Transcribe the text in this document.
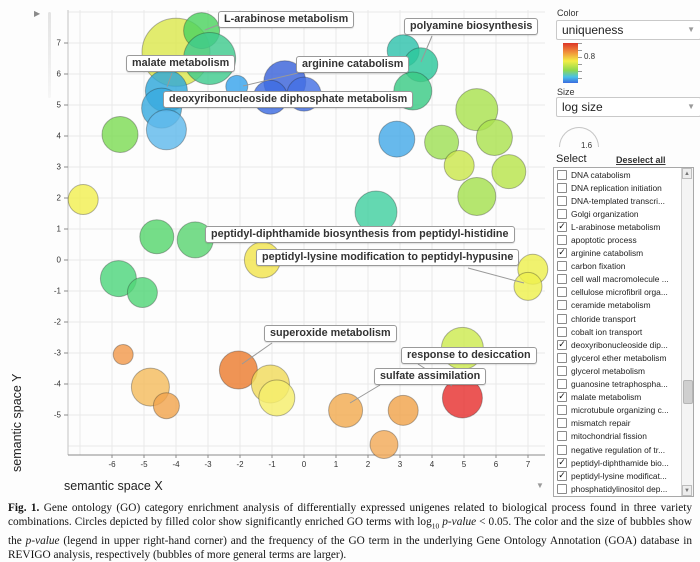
-6	-5	-4	-3	-2	-1	0	1	2	3	4	5	6	7
7
6
5
4
3
2
1
0
-1
-2
-3
-4
-5
L-arabinose metabolism
polyamine biosynthesis
malate metabolism	arginine catabolism
deoxyribonucleoside diphosphate metabolism
peptidyl-diphthamide biosynthesis from peptidyl-histidine
peptidyl-lysine modification to peptidyl-hypusine
superoxide metabolism
response to desiccation
sulfate assimilation
▶
▼
semantic space X
semantic space Y
Color
uniqueness	▼
0.8
Size
log size	▼
1.6
Select	Deselect all
DNA catabolism
DNA replication initiation
DNA-templated transcri...
Golgi organization
✓ L-arabinose metabolism
apoptotic process
✓ arginine catabolism
carbon fixation
cell wall macromolecule ...
cellulose microfibril orga...
ceramide metabolism
chloride transport
cobalt ion transport
✓ deoxyribonucleoside dip...
glycerol ether metabolism
glycerol metabolism
guanosine tetraphospha...
✓ malate metabolism
microtubule organizing c...
mismatch repair
mitochondrial fission
negative regulation of tr...
✓ peptidyl-diphthamide bio...
✓ peptidyl-lysine modificat...
phosphatidylinositol dep...
▲
▼
Fig. 1. Gene ontology (GO) category enrichment analysis of differentially expressed unigenes related to biological process found in three variety combinations. Circles depicted by filled color show significantly enriched GO terms with $\log_{10}$ p-value < 0.05. The color and the size of bubbles show the p-value (legend in upper right-hand corner) and the frequency of the GO term in the underlying Gene Ontology Annotation (GOA) database in REVIGO analysis, respectively (bubbles of more general terms are larger).
